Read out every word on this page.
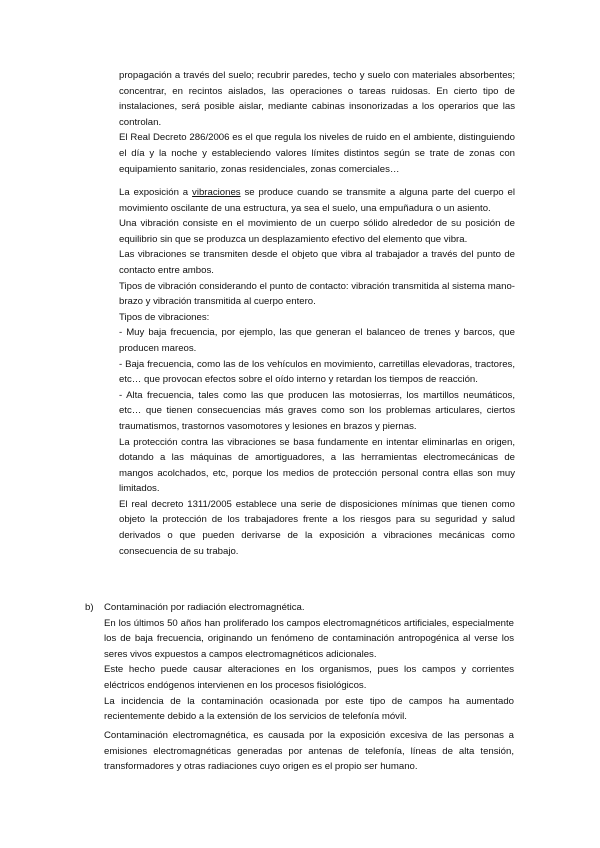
propagación a través del suelo; recubrir paredes, techo y suelo con materiales absorbentes; concentrar, en recintos aislados, las operaciones o tareas ruidosas. En cierto tipo de instalaciones, será posible aislar, mediante cabinas insonorizadas a los operarios que las controlan.

El Real Decreto 286/2006 es el que regula los niveles de ruido en el ambiente, distinguiendo el día y la noche y estableciendo valores límites distintos según se trate de zonas con equipamiento sanitario, zonas residenciales, zonas comerciales…

La exposición a vibraciones se produce cuando se transmite a alguna parte del cuerpo el movimiento oscilante de una estructura, ya sea el suelo, una empuñadura o un asiento.

Una vibración consiste en el movimiento de un cuerpo sólido alrededor de su posición de equilibrio sin que se produzca un desplazamiento efectivo del elemento que vibra.

Las vibraciones se transmiten desde el objeto que vibra al trabajador a través del punto de contacto entre ambos.

Tipos de vibración considerando el punto de contacto: vibración transmitida al sistema mano-brazo y vibración transmitida al cuerpo entero.

Tipos de vibraciones:

- Muy baja frecuencia, por ejemplo, las que generan el balanceo de trenes y barcos, que producen mareos.

- Baja frecuencia, como las de los vehículos en movimiento, carretillas elevadoras, tractores, etc… que provocan efectos sobre el oído interno y retardan los tiempos de reacción.

- Alta frecuencia, tales como las que producen las motosierras, los martillos neumáticos, etc… que tienen consecuencias más graves como son los problemas articulares, ciertos traumatismos, trastornos vasomotores y lesiones en brazos y piernas.

La protección contra las vibraciones se basa fundamente en intentar eliminarlas en origen, dotando a las máquinas de amortiguadores, a las herramientas electromecánicas de mangos acolchados, etc, porque los medios de protección personal contra ellas son muy limitados.

El real decreto 1311/2005 establece una serie de disposiciones mínimas que tienen como objeto la protección de los trabajadores frente a los riesgos para su seguridad y salud derivados o que pueden derivarse de la exposición a vibraciones mecánicas como consecuencia de su trabajo.

b) Contaminación por radiación electromagnética.

En los últimos 50 años han proliferado los campos electromagnéticos artificiales, especialmente los de baja frecuencia, originando un fenómeno de contaminación antropogénica al verse los seres vivos expuestos a campos electromagnéticos adicionales.

Este hecho puede causar alteraciones en los organismos, pues los campos y corrientes eléctricos endógenos intervienen en los procesos fisiológicos.

La incidencia de la contaminación ocasionada por este tipo de campos ha aumentado recientemente debido a la extensión de los servicios de telefonía móvil.

Contaminación electromagnética, es causada por la exposición excesiva de las personas a emisiones electromagnéticas generadas por antenas de telefonía, líneas de alta tensión, transformadores y otras radiaciones cuyo origen es el propio ser humano.
